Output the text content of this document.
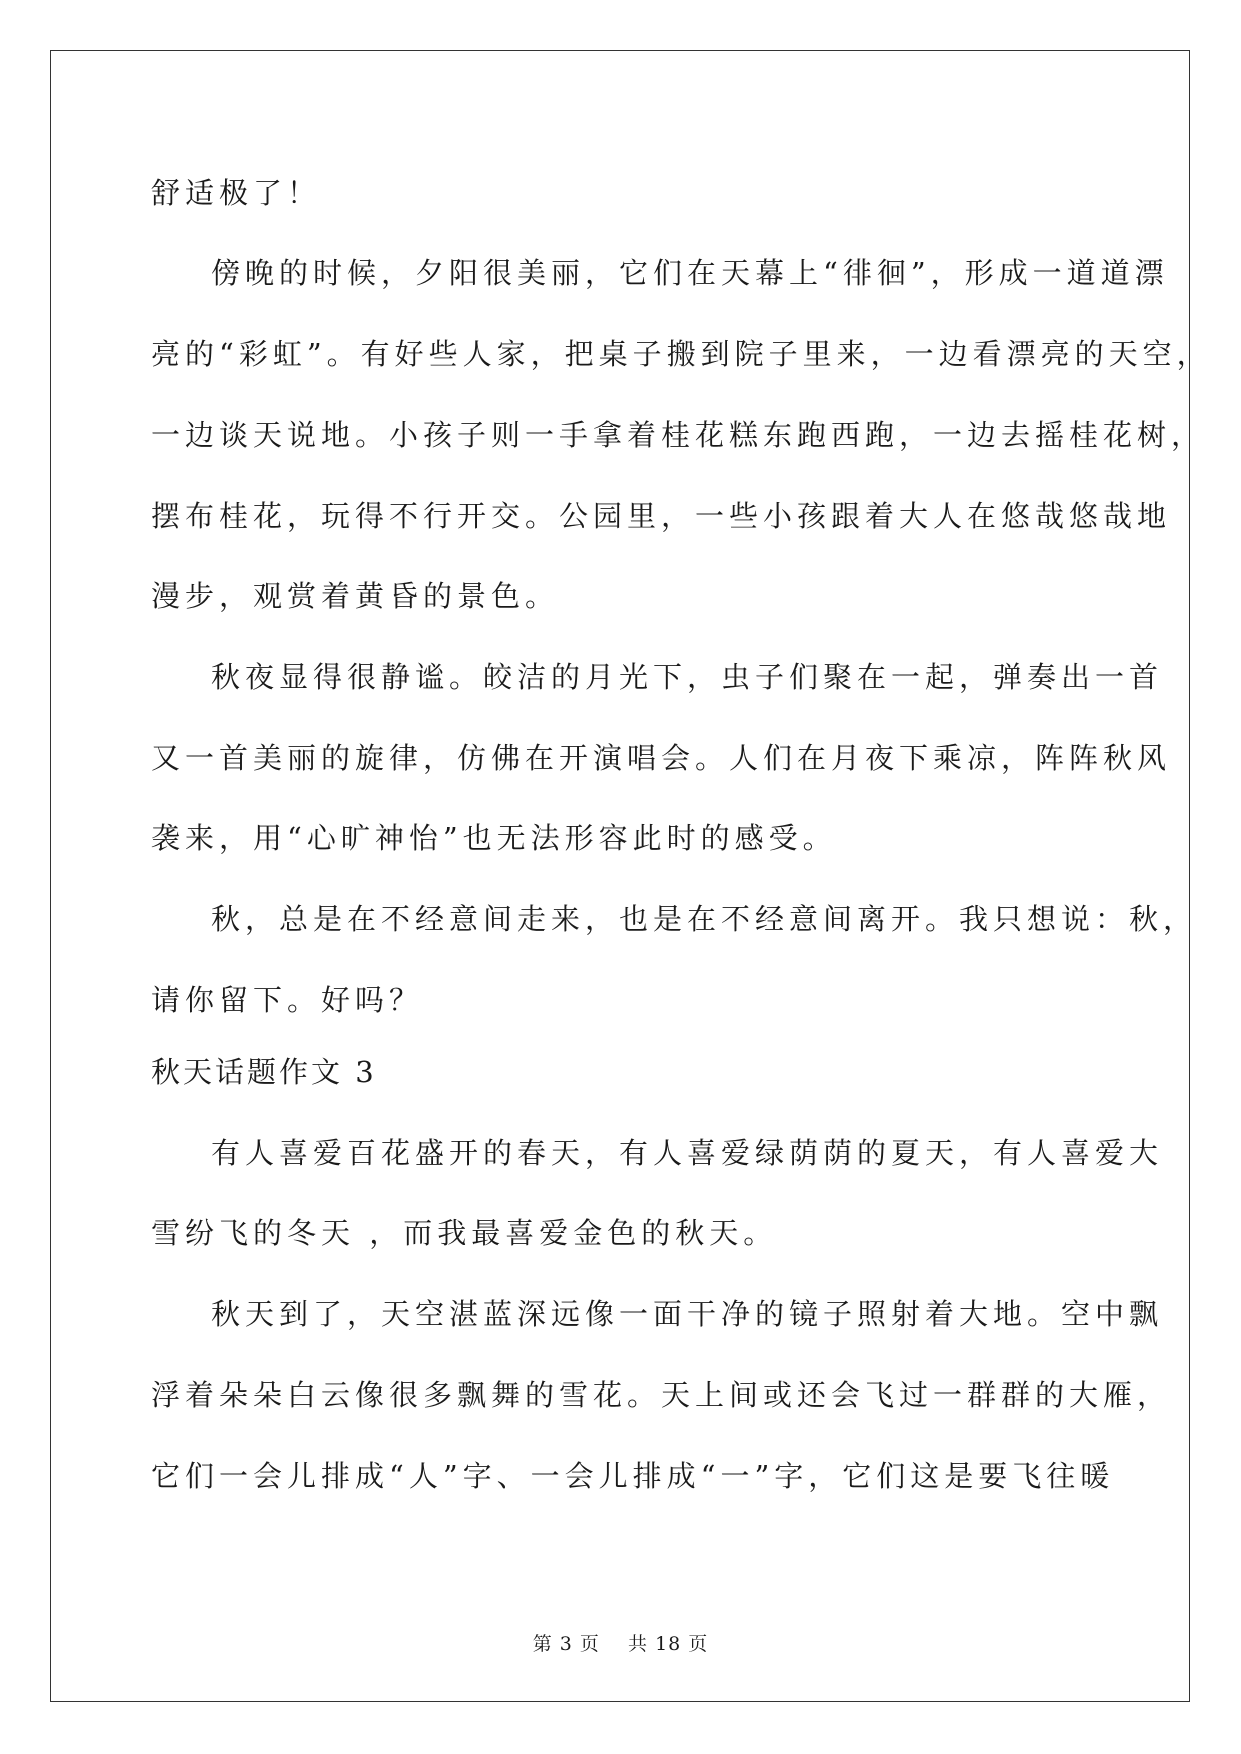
舒适极了！
傍晚的时候，夕阳很美丽，它们在天幕上“徘徊”，形成一道道漂
亮的“彩虹”。有好些人家，把桌子搬到院子里来，一边看漂亮的天空，
一边谈天说地。小孩子则一手拿着桂花糕东跑西跑，一边去摇桂花树，
摆布桂花，玩得不行开交。公园里，一些小孩跟着大人在悠哉悠哉地
漫步，观赏着黄昏的景色。
秋夜显得很静谧。皎洁的月光下，虫子们聚在一起，弹奏出一首
又一首美丽的旋律，仿佛在开演唱会。人们在月夜下乘凉，阵阵秋风
袭来，用“心旷神怡”也无法形容此时的感受。
秋，总是在不经意间走来，也是在不经意间离开。我只想说：秋，
请你留下。好吗？
秋天话题作文 3
有人喜爱百花盛开的春天，有人喜爱绿荫荫的夏天，有人喜爱大
雪纷飞的冬天 ，而我最喜爱金色的秋天。
秋天到了，天空湛蓝深远像一面干净的镜子照射着大地。空中飘
浮着朵朵白云像很多飘舞的雪花。天上间或还会飞过一群群的大雁，
它们一会儿排成“人”字、一会儿排成“一”字，它们这是要飞往暖
第 3 页    共 18 页
